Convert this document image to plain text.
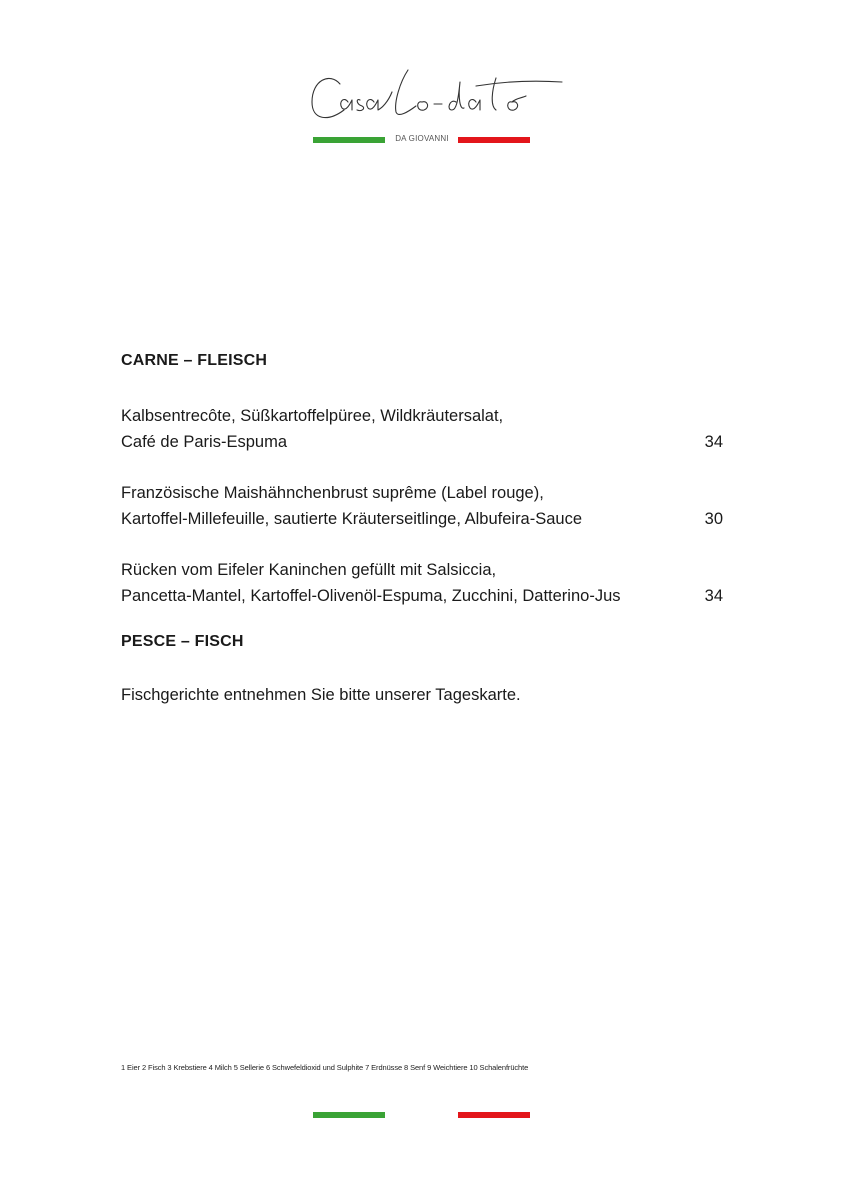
DA GIOVANNI
CARNE – FLEISCH
Kalbsentrecôte, Süßkartoffelpüree, Wildkräutersalat,
Café de Paris-Espuma	34
Französische Maishähnchenbrust suprême (Label rouge),
Kartoffel-Millefeuille, sautierte Kräuterseitlinge, Albufeira-Sauce	30
Rücken vom Eifeler Kaninchen gefüllt mit Salsiccia,
Pancetta-Mantel, Kartoffel-Olivenöl-Espuma, Zucchini, Datterino-Jus	34
PESCE – FISCH
Fischgerichte entnehmen Sie bitte unserer Tageskarte.
1 Eier 2 Fisch 3 Krebstiere 4 Milch 5 Sellerie 6 Schwefeldioxid und Sulphite 7 Erdnüsse 8 Senf 9 Weichtiere 10 Schalenfrüchte
